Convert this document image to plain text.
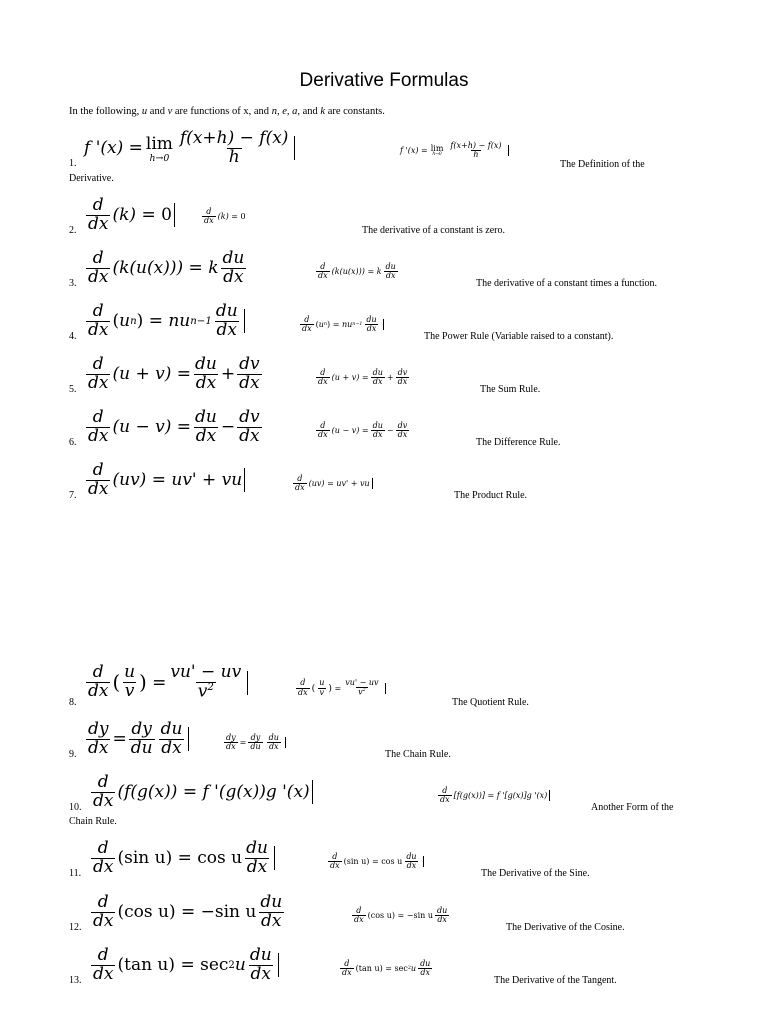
Derivative Formulas
In the following, u and v are functions of x, and n, e, a, and k are constants.
1.
f '(x)
= lim
$h\to 0 \frac{f(x+h) - f(x)}{h}$	f '(x)
= lim
$h\to 0 \frac{f(x+h) - f(x)}{h}$
The Definition of the
Derivative.
2. $\frac{d}{dx} (k)$
=
0	$\frac{d}{dx} (k)$
=
0
The derivative of a constant is zero.
3. $\frac{d}{dx} (k(u(x)))$
=
k $\frac{du}{dx}$	$\frac{d}{dx} (k(u(x)))$
=
k $\frac{du}{dx}$
The derivative of a constant times a function.
4. $\frac{d}{dx}$ ( u n )
=
nu $n-1 \frac{du}{dx}$	$\frac{d}{dx}$ ( u n )
=
nu $n-1 \frac{du}{dx}$
The Power Rule (Variable raised to a constant).
5. $\frac{d}{dx} (u + v)$
= $\frac{du}{dx} + \frac{dv}{dx}$	$\frac{d}{dx} (u + v)$
= $\frac{du}{dx} + \frac{dv}{dx}$
The Sum Rule.
6. $\frac{d}{dx} (u - v)$
= $\frac{du}{dx} - \frac{dv}{dx}$	$\frac{d}{dx} (u - v)$
= $\frac{du}{dx} - \frac{dv}{dx}$
The Difference Rule.
7. $\frac{d}{dx} (uv)$
=
uv' + vu	$\frac{d}{dx} (uv)$
=
uv' + vu
The Product Rule.
8.
$\frac{d}{dx}$ ( $\frac{u}{v}$ )
= $\frac{vu' - uv}{v^2}$	$\frac{d}{dx}$ ( $\frac{u}{v}$ )
= $\frac{vu' - uv}{v^2}$
The Quotient Rule.
9. $\frac{dy}{dx} = \frac{dy}{du} \frac{du}{dx}$	$\frac{dy}{dx} = \frac{dy}{du} \frac{du}{dx}$
The Chain Rule.
10. $\frac{d}{dx} (f(g(x))$
=
f '(g(x))g '(x)	$\frac{d}{dx} [f(g(x))]$
=
f '[g(x)]g '(x)
Another Form of the
Chain Rule.
11. $\frac{d}{dx} (\sin$ u)
=
cos u $\frac{du}{dx}$	$\frac{d}{dx} (\sin$ u)
=
cos u $\frac{du}{dx}$
The Derivative of the Sine.
12. $\frac{d}{dx} (\cos$ u)
=
−sin u $\frac{du}{dx}$	$\frac{d}{dx} (\cos$ u)
=
−sin u $\frac{du}{dx}$
The Derivative of the Cosine.
13. $\frac{d}{dx} (\tan$ u)
=
sec 2 u $\frac{du}{dx}$	$\frac{d}{dx} (\tan$ u)
=
sec 2 u $\frac{du}{dx}$
The Derivative of the Tangent.
